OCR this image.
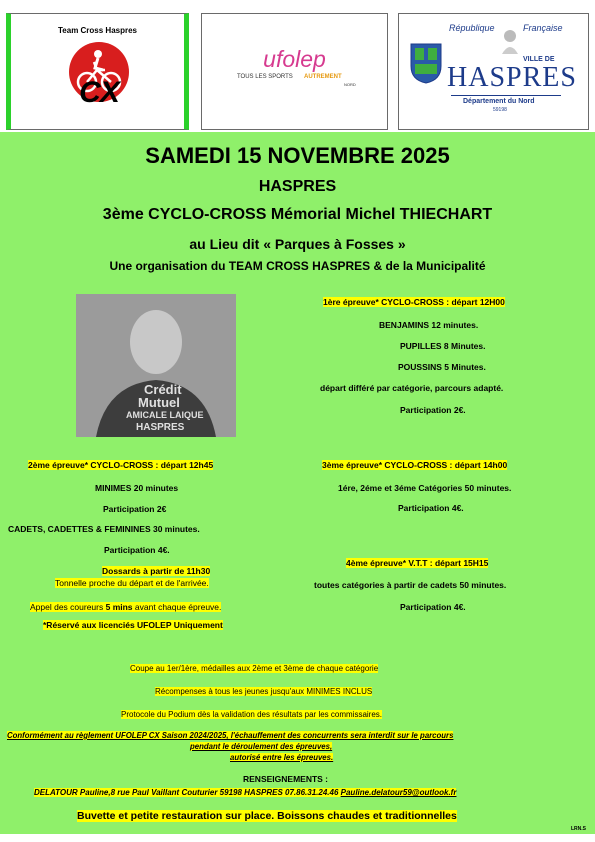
Team Cross Haspres
CX
ufolep
TOUS LES SPORTS AUTREMENT
NORD
République	Française
VILLE DE
HASPRES
Département du Nord
59198
SAMEDI 15 NOVEMBRE 2025
HASPRES
3ème CYCLO-CROSS Mémorial Michel THIECHART
au Lieu dit « Parques à Fosses »
Une organisation du TEAM CROSS HASPRES & de la Municipalité
Crédit
Mutuel
AMICALE LAIQUE
HASPRES
1ère épreuve* CYCLO-CROSS : départ 12H00
BENJAMINS 12 minutes.
PUPILLES 8 Minutes.
POUSSINS 5 Minutes.
départ différé par catégorie, parcours adapté.
Participation 2€.
2ème épreuve* CYCLO-CROSS : départ 12h45
MINIMES 20 minutes
Participation 2€
CADETS, CADETTES & FEMININES 30 minutes.
Participation 4€.
3ème épreuve* CYCLO-CROSS : départ 14h00
1ére, 2éme et 3éme Catégories 50 minutes.
Participation 4€.
Dossards à partir de 11h30
Tonnelle proche du départ et de l'arrivée.
Appel des coureurs 5 mins avant chaque épreuve.
*Réservé aux licenciés UFOLEP Uniquement
4ème épreuve* V.T.T : départ 15H15
toutes catégories à partir de cadets 50 minutes.
Participation 4€.
Coupe au 1er/1ère, médailles aux 2ème et 3ème de chaque catégorie
Récompenses à tous les jeunes jusqu'aux MINIMES INCLUS
Protocole du Podium dès la validation des résultats par les commissaires.
Conformément au règlement UFOLEP CX Saison 2024/2025, l'échauffement des concurrents sera interdit sur le parcours
pendant le déroulement des épreuves,
autorisé entre les épreuves.
RENSEIGNEMENTS :
DELATOUR Pauline,8 rue Paul Vaillant Couturier 59198 HASPRES 07.86.31.24.46 Pauline.delatour59@outlook.fr
Buvette et petite restauration sur place. Boissons chaudes et traditionnelles
LRN.S
